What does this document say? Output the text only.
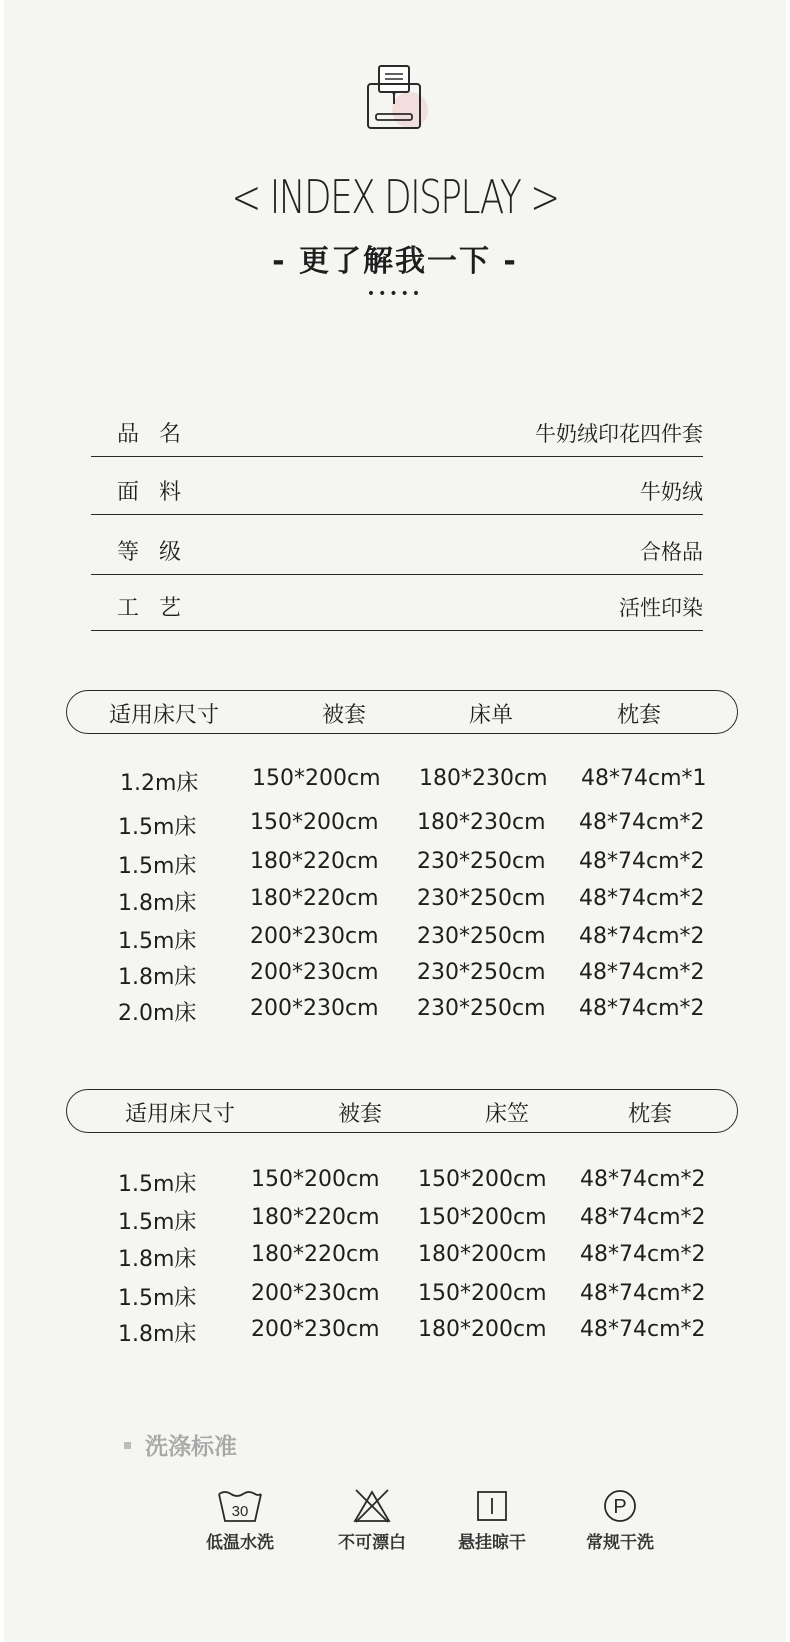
< INDEX DISPLAY >
- 更了解我一下 -
•••••
品名	牛奶绒印花四件套
面料	牛奶绒
等级	合格品
工艺	活性印染
适用床尺寸	被套	床单	枕套
1.2m床 150*200cm 180*230cm 48*74cm*1
1.5m床 150*200cm 180*230cm 48*74cm*2
1.5m床 180*220cm 230*250cm 48*74cm*2
1.8m床 180*220cm 230*250cm 48*74cm*2
1.5m床 200*230cm 230*250cm 48*74cm*2
1.8m床 200*230cm 230*250cm 48*74cm*2
2.0m床 200*230cm 230*250cm 48*74cm*2
适用床尺寸	被套	床笠	枕套
1.5m床 150*200cm 150*200cm 48*74cm*2
1.5m床 180*220cm 150*200cm 48*74cm*2
1.8m床 180*220cm 180*200cm 48*74cm*2
1.5m床 200*230cm 150*200cm 48*74cm*2
1.8m床 200*230cm 180*200cm 48*74cm*2
洗涤标准
30
低温水洗	不可漂白	悬挂晾干
P
常规干洗
